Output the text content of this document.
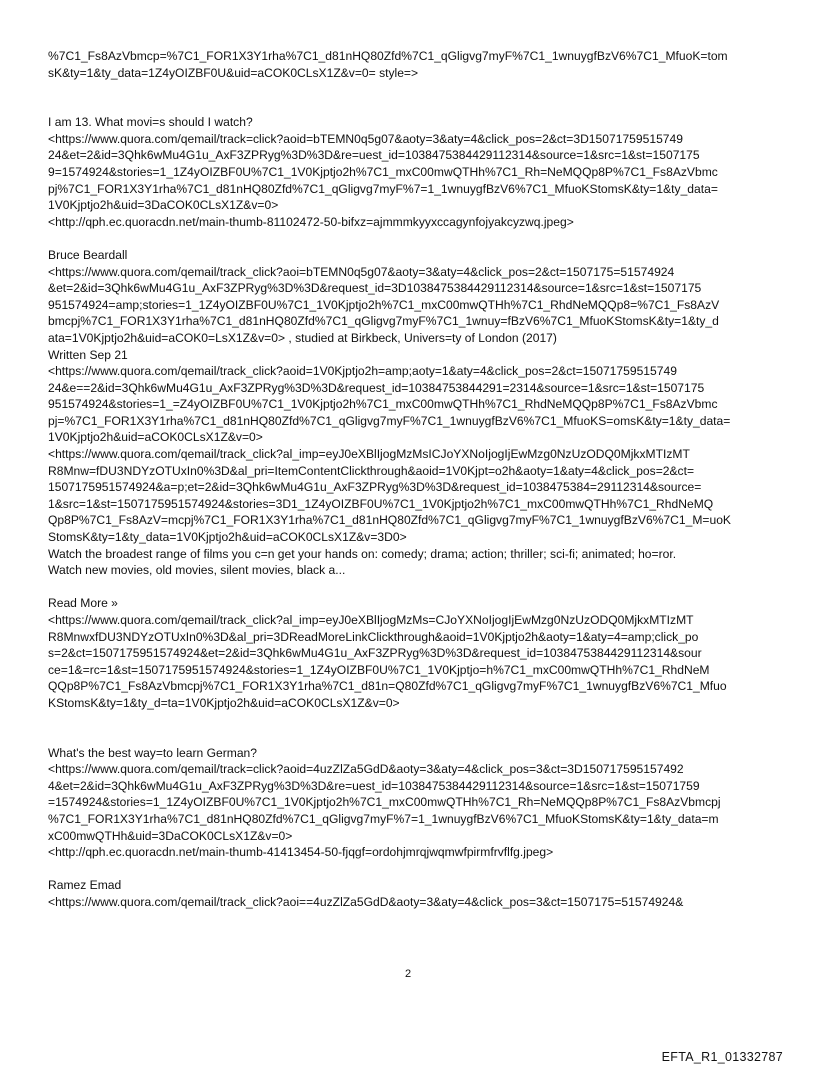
%7C1_Fs8AzVbmcp=%7C1_FOR1X3Y1rha%7C1_d81nHQ80Zfd%7C1_qGligvg7myF%7C1_1wnuygfBzV6%7C1_MfuoK=tom
sK&ty=1&ty_data=1Z4yOIZBF0U&uid=aCOK0CLsX1Z&v=0= style=>

I am 13. What movi=s should I watch?
<https://www.quora.com/qemail/track=click?aoid=bTEMN0q5g07&aoty=3&aty=4&click_pos=2&ct=3D15071759515749
24&et=2&id=3Qhk6wMu4G1u_AxF3ZPRyg%3D%3D&re=uest_id=1038475384429112314&source=1&src=1&st=1507175
9=1574924&stories=1_1Z4yOIZBF0U%7C1_1V0Kjptjo2h%7C1_mxC00mwQTHh%7C1_Rh=NeMQQp8P%7C1_Fs8AzVbmc
pj%7C1_FOR1X3Y1rha%7C1_d81nHQ80Zfd%7C1_qGligvg7myF%7=1_1wnuygfBzV6%7C1_MfuoKStomsK&ty=1&ty_data=
1V0Kjptjo2h&uid=3DaCOK0CLsX1Z&v=0>
<http://qph.ec.quoracdn.net/main-thumb-81102472-50-bifxz=ajmmmkyyxccagynfojyakcyzwq.jpeg>

Bruce Beardall
<https://www.quora.com/qemail/track_click?aoi=bTEMN0q5g07&aoty=3&aty=4&click_pos=2&ct=1507175=51574924
&et=2&id=3Qhk6wMu4G1u_AxF3ZPRyg%3D%3D&request_id=3D1038475384429112314&source=1&src=1&st=1507175
951574924=amp;stories=1_1Z4yOIZBF0U%7C1_1V0Kjptjo2h%7C1_mxC00mwQTHh%7C1_RhdNeMQQp8=%7C1_Fs8AzV
bmcpj%7C1_FOR1X3Y1rha%7C1_d81nHQ80Zfd%7C1_qGligvg7myF%7C1_1wnuy=fBzV6%7C1_MfuoKStomsK&ty=1&ty_d
ata=1V0Kjptjo2h&uid=aCOK0=LsX1Z&v=0> , studied at Birkbeck, Univers=ty of London (2017)
Written Sep 21
<https://www.quora.com/qemail/track_click?aoid=1V0Kjptjo2h=amp;aoty=1&aty=4&click_pos=2&ct=15071759515749
24&e==2&id=3Qhk6wMu4G1u_AxF3ZPRyg%3D%3D&request_id=10384753844291=2314&source=1&src=1&st=1507175
951574924&stories=1_=Z4yOIZBF0U%7C1_1V0Kjptjo2h%7C1_mxC00mwQTHh%7C1_RhdNeMQQp8P%7C1_Fs8AzVbmc
pj=%7C1_FOR1X3Y1rha%7C1_d81nHQ80Zfd%7C1_qGligvg7myF%7C1_1wnuygfBzV6%7C1_MfuoKS=omsK&ty=1&ty_data=
1V0Kjptjo2h&uid=aCOK0CLsX1Z&v=0>
<https://www.quora.com/qemail/track_click?al_imp=eyJ0eXBlIjogMzMsICJoYXNoIjogIjEwMzg0NzUzODQ0MjkxMTIzMT
R8Mnw=fDU3NDYzOTUxIn0%3D&al_pri=ItemContentClickthrough&aoid=1V0Kjpt=o2h&aoty=1&aty=4&click_pos=2&ct=
1507175951574924&a=p;et=2&id=3Qhk6wMu4G1u_AxF3ZPRyg%3D%3D&request_id=1038475384=29112314&source=
1&src=1&st=1507175951574924&stories=3D1_1Z4yOIZBF0U%7C1_1V0Kjptjo2h%7C1_mxC00mwQTHh%7C1_RhdNeMQ
Qp8P%7C1_Fs8AzV=mcpj%7C1_FOR1X3Y1rha%7C1_d81nHQ80Zfd%7C1_qGligvg7myF%7C1_1wnuygfBzV6%7C1_M=uoK
StomsK&ty=1&ty_data=1V0Kjptjo2h&uid=aCOK0CLsX1Z&v=3D0>
Watch the broadest range of films you c=n get your hands on: comedy; drama; action; thriller; sci-fi; animated; ho=ror.
Watch new movies, old movies, silent movies, black a...

Read More »
<https://www.quora.com/qemail/track_click?al_imp=eyJ0eXBlIjogMzMs=CJoYXNoIjogIjEwMzg0NzUzODQ0MjkxMTIzMT
R8MnwxfDU3NDYzOTUxIn0%3D&al_pri=3DReadMoreLinkClickthrough&aoid=1V0Kjptjo2h&aoty=1&aty=4=amp;click_po
s=2&ct=1507175951574924&et=2&id=3Qhk6wMu4G1u_AxF3ZPRyg%3D%3D&request_id=1038475384429112314&sour
ce=1&=rc=1&st=1507175951574924&stories=1_1Z4yOIZBF0U%7C1_1V0Kjptjo=h%7C1_mxC00mwQTHh%7C1_RhdNeM
QQp8P%7C1_Fs8AzVbmcpj%7C1_FOR1X3Y1rha%7C1_d81n=Q80Zfd%7C1_qGligvg7myF%7C1_1wnuygfBzV6%7C1_Mfuo
KStomsK&ty=1&ty_d=ta=1V0Kjptjo2h&uid=aCOK0CLsX1Z&v=0>

What's the best way=to learn German?
<https://www.quora.com/qemail/track=click?aoid=4uzZlZa5GdD&aoty=3&aty=4&click_pos=3&ct=3D150717595157492
4&et=2&id=3Qhk6wMu4G1u_AxF3ZPRyg%3D%3D&re=uest_id=1038475384429112314&source=1&src=1&st=15071759
=1574924&stories=1_1Z4yOIZBF0U%7C1_1V0Kjptjo2h%7C1_mxC00mwQTHh%7C1_Rh=NeMQQp8P%7C1_Fs8AzVbmcpj
%7C1_FOR1X3Y1rha%7C1_d81nHQ80Zfd%7C1_qGligvg7myF%7=1_1wnuygfBzV6%7C1_MfuoKStomsK&ty=1&ty_data=m
xC00mwQTHh&uid=3DaCOK0CLsX1Z&v=0>
<http://qph.ec.quoracdn.net/main-thumb-41413454-50-fjqgf=ordohjmrqjwqmwfpirmfrvflfg.jpeg>

Ramez Emad
<https://www.quora.com/qemail/track_click?aoi==4uzZlZa5GdD&aoty=3&aty=4&click_pos=3&ct=1507175=51574924&

2
EFTA_R1_01332787
